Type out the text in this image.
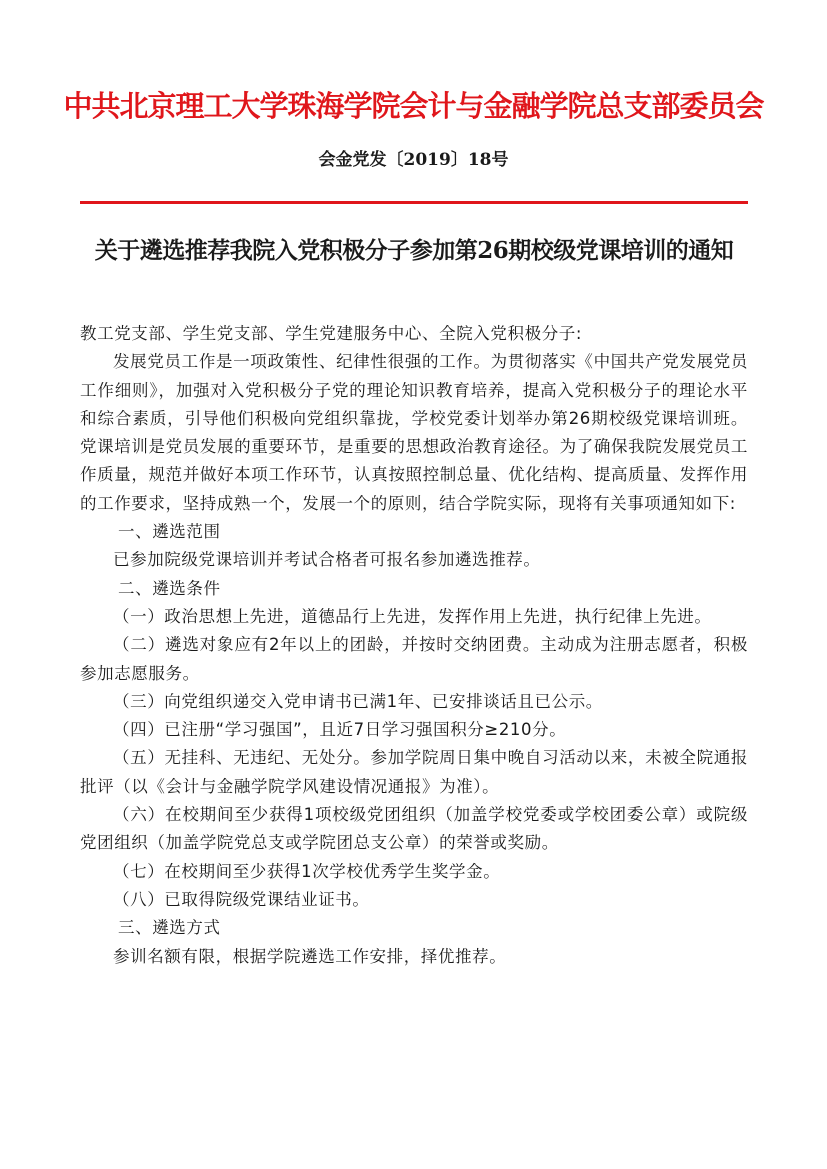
中共北京理工大学珠海学院会计与金融学院总支部委员会
会金党发〔2019〕18号
关于遴选推荐我院入党积极分子参加第26期校级党课培训的通知

教工党支部、学生党支部、学生党建服务中心、全院入党积极分子:

发展党员工作是一项政策性、纪律性很强的工作。为贯彻落实《中国共产党发展党员工作细则》，加强对入党积极分子党的理论知识教育培养，提高入党积极分子的理论水平和综合素质，引导他们积极向党组织靠拢，学校党委计划举办第26期校级党课培训班。党课培训是党员发展的重要环节，是重要的思想政治教育途径。为了确保我院发展党员工作质量，规范并做好本项工作环节，认真按照控制总量、优化结构、提高质量、发挥作用的工作要求，坚持成熟一个，发展一个的原则，结合学院实际，现将有关事项通知如下:

一、遴选范围

已参加院级党课培训并考试合格者可报名参加遴选推荐。

二、遴选条件

（一）政治思想上先进，道德品行上先进，发挥作用上先进，执行纪律上先进。

（二）遴选对象应有2年以上的团龄，并按时交纳团费。主动成为注册志愿者，积极参加志愿服务。

（三）向党组织递交入党申请书已满1年、已安排谈话且已公示。

（四）已注册“学习强国”，且近7日学习强国积分≥210分。

（五）无挂科、无违纪、无处分。参加学院周日集中晚自习活动以来，未被全院通报批评（以《会计与金融学院学风建设情况通报》为准）。

（六）在校期间至少获得1项校级党团组织（加盖学校党委或学校团委公章）或院级党团组织（加盖学院党总支或学院团总支公章）的荣誉或奖励。

（七）在校期间至少获得1次学校优秀学生奖学金。

（八）已取得院级党课结业证书。

三、遴选方式

参训名额有限，根据学院遴选工作安排，择优推荐。
